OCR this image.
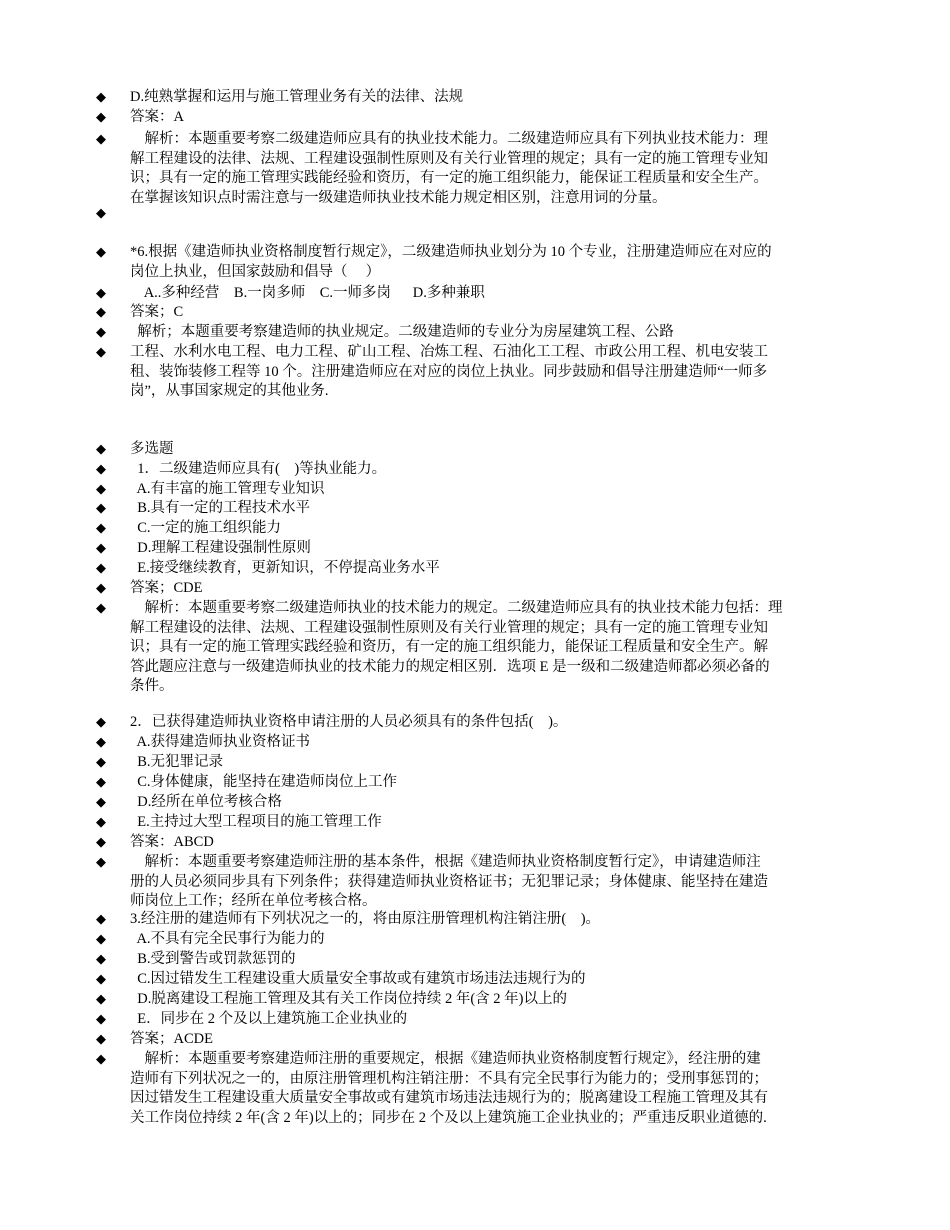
◆ D.纯熟掌握和运用与施工管理业务有关的法律、法规
◆ 答案：A
◆ 解析：本题重要考察二级建造师应具有的执业技术能力。二级建造师应具有下列执业技术能力：理
解工程建设的法律、法规、工程建设强制性原则及有关行业管理的规定；具有一定的施工管理专业知
识；具有一定的施工管理实践能经验和资历，有一定的施工组织能力，能保证工程质量和安全生产。
在掌握该知识点时需注意与一级建造师执业技术能力规定相区别，注意用词的分量。
◆
◆ *6.根据《建造师执业资格制度暂行规定》，二级建造师执业划分为 10 个专业，注册建造师应在对应的
岗位上执业，但国家鼓励和倡导（     ）
◆ A..多种经营    B.一岗多师    C.一师多岗      D.多种兼职
◆ 答案；C
◆ 解析；本题重要考察建造师的执业规定。二级建造师的专业分为房屋建筑工程、公路
◆ 工程、水利水电工程、电力工程、矿山工程、冶炼工程、石油化工工程、市政公用工程、机电安装工
租、装饰装修工程等 10 个。注册建造师应在对应的岗位上执业。同步鼓励和倡导注册建造师“一师多
岗”，从事国家规定的其他业务.
◆ 多选题
◆ 1．二级建造师应具有(    )等执业能力。
◆ A.有丰富的施工管理专业知识
◆ B.具有一定的工程技术水平
◆ C.一定的施工组织能力
◆ D.理解工程建设强制性原则
◆ E.接受继续教育，更新知识，不停提高业务水平
◆ 答案；CDE
◆ 解析：本题重要考察二级建造师执业的技术能力的规定。二级建造师应具有的执业技术能力包括：理
解工程建设的法律、法规、工程建设强制性原则及有关行业管理的规定；具有一定的施工管理专业知
识；具有一定的施工管理实践经验和资历，有一定的施工组织能力，能保证工程质量和安全生产。解
答此题应注意与一级建造师执业的技术能力的规定相区别．选项 E 是一级和二级建造师都必须必备的
条件。
◆ 2．已获得建造师执业资格申请注册的人员必须具有的条件包括(    )。
◆ A.获得建造师执业资格证书
◆ B.无犯罪记录
◆ C.身体健康，能坚持在建造师岗位上工作
◆ D.经所在单位考核合格
◆ E.主持过大型工程项目的施工管理工作
◆ 答案：ABCD
◆ 解析：本题重要考察建造师注册的基本条件，根据《建造师执业资格制度暂行定》，申请建造师注
册的人员必须同步具有下列条件；获得建造师执业资格证书；无犯罪记录；身体健康、能坚持在建造
师岗位上工作；经所在单位考核合格。
◆ 3.经注册的建造师有下列状况之一的，将由原注册管理机构注销注册(    )。
◆ A.不具有完全民事行为能力的
◆ B.受到警告或罚款惩罚的
◆ C.因过错发生工程建设重大质量安全事故或有建筑市场违法违规行为的
◆ D.脱离建设工程施工管理及其有关工作岗位持续 2 年(含 2 年)以上的
◆ E．同步在 2 个及以上建筑施工企业执业的
◆ 答案；ACDE
◆ 解析：本题重要考察建造师注册的重要规定，根据《建造师执业资格制度暂行规定》，经注册的建
造师有下列状况之一的，由原注册管理机构注销注册：不具有完全民事行为能力的；受刑事惩罚的；
因过错发生工程建设重大质量安全事故或有建筑市场违法违规行为的；脱离建设工程施工管理及其有
关工作岗位持续 2 年(含 2 年)以上的；同步在 2 个及以上建筑施工企业执业的；严重违反职业道德的.
